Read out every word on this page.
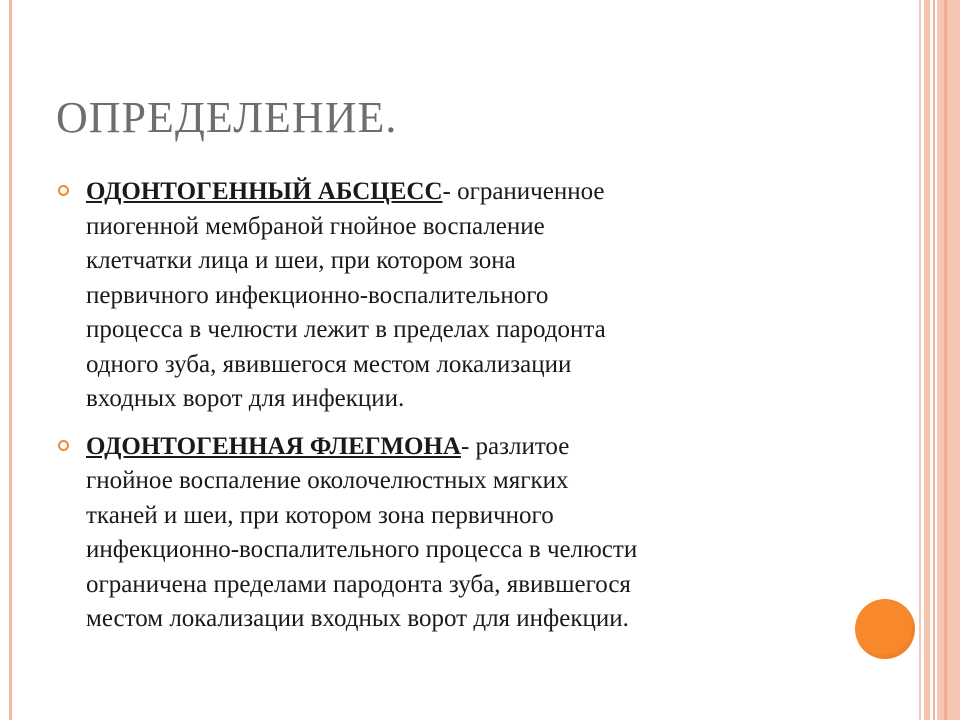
ОПРЕДЕЛЕНИЕ.
ОДОНТОГЕННЫЙ АБСЦЕСС- ограниченное
пиогенной мембраной гнойное воспаление
клетчатки лица и шеи, при котором зона
первичного инфекционно-воспалительного
процесса в челюсти лежит в пределах пародонта
одного зуба, явившегося местом локализации
входных ворот для инфекции.
ОДОНТОГЕННАЯ ФЛЕГМОНА- разлитое
гнойное воспаление околочелюстных мягких
тканей и шеи, при котором зона первичного
инфекционно-воспалительного процесса в челюсти
ограничена пределами пародонта зуба, явившегося
местом локализации входных ворот для инфекции.
